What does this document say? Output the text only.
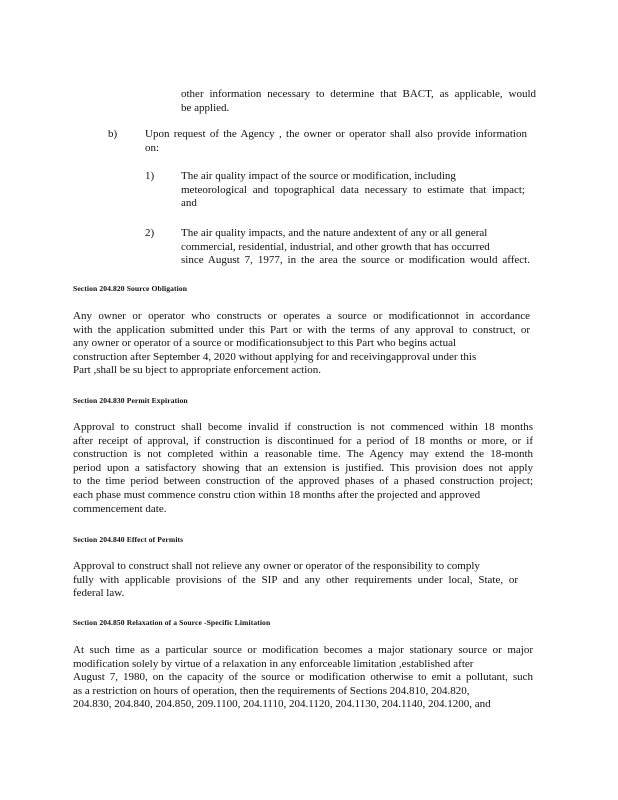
other information necessary to determine that BACT, as applicable, would
be applied.
b)	Upon request of the Agency , the owner or operator shall also provide information
on:
1) The air quality impact of the source or modification, including
meteorological and topographical data necessary to estimate that impact;
and
2) The air quality impacts, and the nature andextent of any or all general
commercial, residential, industrial, and other growth that has occurred
since August 7, 1977, in the area the source or modification would affect.
Section 204.820 Source Obligation
Any owner or operator who constructs or operates a source or modificationnot in accordance
with the application submitted under this Part or with the terms of any approval to construct, or
any owner or operator of a source or modificationsubject to this Part who begins actual
construction after September 4, 2020 without applying for and receivingapproval under this
Part ,shall be su bject to appropriate enforcement action.
Section 204.830 Permit Expiration
Approval to construct shall become invalid if construction is not commenced within 18 months
after receipt of approval, if construction is discontinued for a period of 18 months or more, or if
construction is not completed within a reasonable time. The Agency may extend the 18-month
period upon a satisfactory showing that an extension is justified. This provision does not apply
to the time period between construction of the approved phases of a phased construction project;
each phase must commence constru ction within 18 months after the projected and approved
commencement date.
Section 204.840 Effect of Permits
Approval to construct shall not relieve any owner or operator of the responsibility to comply
fully with applicable provisions of the SIP and any other requirements under local, State, or
federal law.
Section 204.850 Relaxation of a Source -Specific Limitation
At such time as a particular source or modification becomes a major stationary source or major
modification solely by virtue of a relaxation in any enforceable limitation ,established after
August 7, 1980, on the capacity of the source or modification otherwise to emit a pollutant, such
as a restriction on hours of operation, then the requirements of Sections 204.810, 204.820,
204.830, 204.840, 204.850, 209.1100, 204.1110, 204.1120, 204.1130, 204.1140, 204.1200, and
